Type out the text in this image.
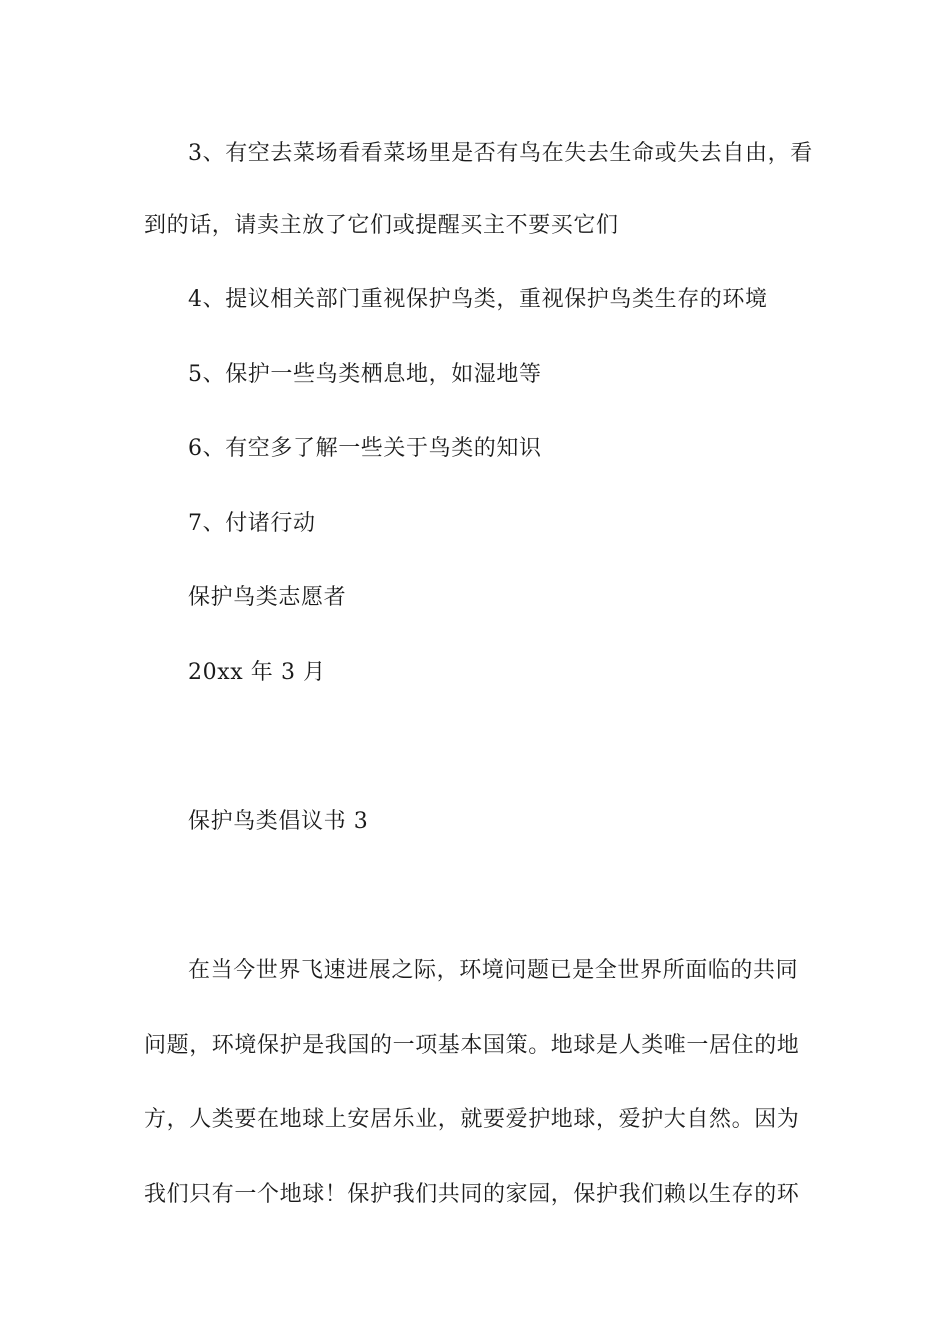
3、有空去菜场看看菜场里是否有鸟在失去生命或失去自由，看
到的话，请卖主放了它们或提醒买主不要买它们
4、提议相关部门重视保护鸟类，重视保护鸟类生存的环境
5、保护一些鸟类栖息地，如湿地等
6、有空多了解一些关于鸟类的知识
7、付诸行动
保护鸟类志愿者
20xx 年 3 月
保护鸟类倡议书 3
在当今世界飞速进展之际，环境问题已是全世界所面临的共同
问题，环境保护是我国的一项基本国策。地球是人类唯一居住的地
方，人类要在地球上安居乐业，就要爱护地球，爱护大自然。因为
我们只有一个地球！保护我们共同的家园，保护我们赖以生存的环
